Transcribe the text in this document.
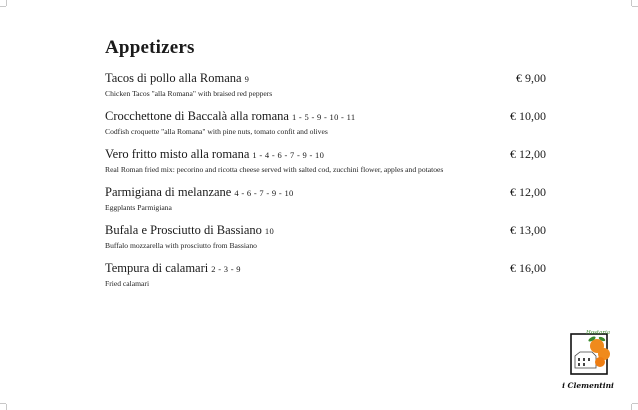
Appetizers
Tacos di pollo alla Romana 9
Chicken Tacos "alla Romana" with braised red peppers
€ 9,00
Crocchettone di Baccalà alla romana 1 - 5 - 9 - 10 - 11
Codfish croquette "alla Romana" with pine nuts, tomato confit and olives
€ 10,00
Vero fritto misto alla romana 1 - 4 - 6 - 7 - 9 - 10
Real Roman fried mix: pecorino and ricotta cheese served with salted cod, zucchini flower, apples and potatoes
€ 12,00
Parmigiana di melanzane 4 - 6 - 7 - 9 - 10
Eggplants Parmigiana
€ 12,00
Bufala e Prosciutto di Bassiano 10
Buffalo mozzarella with prosciutto from Bassiano
€ 13,00
Tempura di calamari 2 - 3 - 9
Fried calamari
€ 16,00
Hostaria
i Clementini
